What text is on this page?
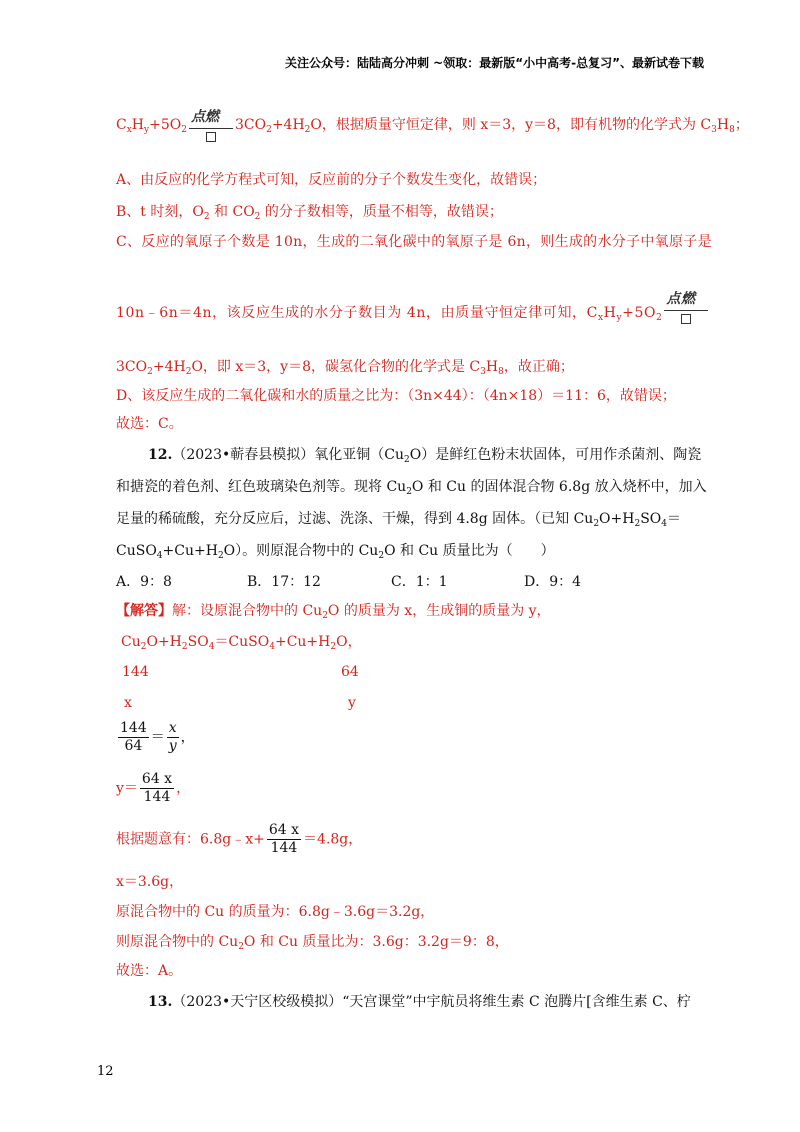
关注公众号：陆陆高分冲刺 ~领取：最新版“小中高考-总复习”、最新试卷下载
$C_xH_y+5O_2$
点燃 $3CO_2+4H_2O$，根据质量守恒定律，则 x＝3，y＝8，即有机物的化学式为 $C_3H_8$；
A、由反应的化学方程式可知，反应前的分子个数发生变化，故错误；
B、t 时刻，$O_2$ 和 $CO_2$ 的分子数相等，质量不相等，故错误；
C、反应的氧原子个数是 10n，生成的二氧化碳中的氧原子是 6n，则生成的水分子中氧原子是
10n﹣6n＝4n，该反应生成的水分子数目为 4n，由质量守恒定律可知，$C_xH_y+5O_2$
点燃
$3CO_2+4H_2O$，即 x＝3，y＝8，碳氢化合物的化学式是 $C_3H_8$，故正确；
D、该反应生成的二氧化碳和水的质量之比为：（3n×44）：（4n×18）＝11：6，故错误；
故选：C。
12.（2023•蕲春县模拟）氧化亚铜$(Cu_2O)$是鲜红色粉末状固体，可用作杀菌剂、陶瓷
和搪瓷的着色剂、红色玻璃染色剂等。现将 $Cu_2O$ 和 Cu 的固体混合物 6.8g 放入烧杯中，加入
足量的稀硫酸，充分反应后，过滤、洗涤、干燥，得到 4.8g 固体。（已知 $Cu_2O+H_2SO_4=$
$CuSO_4+Cu+H_2O$）。则原混合物中的 $Cu_2O$ 和 Cu 质量比为（　　）
A．9：8	B．17：12	C．1：1	D．9：4
【解答】解：设原混合物中的 $Cu_2O$ 的质量为 x，生成铜的质量为 y，
$Cu_2O+H_2SO_4=CuSO_4+Cu+H_2O$，
144	64
x	y
$\frac{144}{64} = \frac{x}{y}$ ，
$y= \frac{64 x}{144}$ ，
根据题意有：6.8g﹣x+ $\frac{64 x}{144} =4.8g$，
x＝3.6g，
原混合物中的 Cu 的质量为：6.8g﹣3.6g＝3.2g，
则原混合物中的 $Cu_2O$ 和 Cu 质量比为：3.6g：3.2g＝9：8，
故选：A。
13.（2023•天宁区校级模拟）“天宫课堂”中宇航员将维生素 C 泡腾片[含维生素 C、柠
12
